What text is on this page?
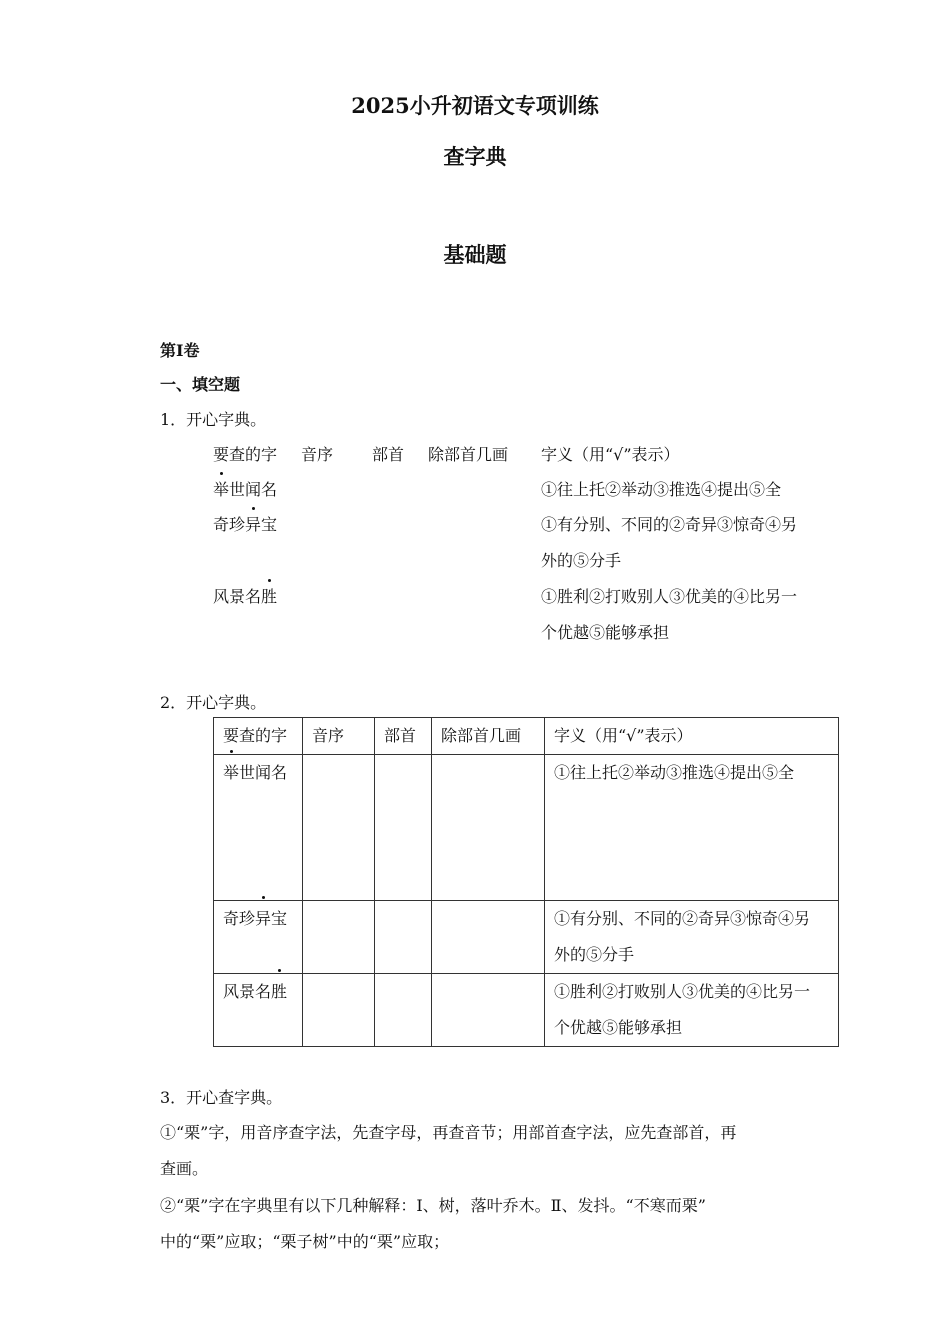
2025小升初语文专项训练
查字典
基础题
第I卷
一、填空题
1．开心字典。
要查的字 音序 部首 除部首几画 字义（用“√”表示）
举世闻名	①往上托②举动③推选④提出⑤全
奇珍异宝	①有分别、不同的②奇异③惊奇④另
外的⑤分手
风景名胜	①胜利②打败别人③优美的④比另一
个优越⑤能够承担
2．开心字典。
要查的字	音序	部首	除部首几画	字义（用“√”表示）
举世闻名				①往上托②举动③推选④提出⑤全

奇珍异宝				①有分别、不同的②奇异③惊奇④另
外的⑤分手

风景名胜				①胜利②打败别人③优美的④比另一
个优越⑤能够承担
3．开心查字典。
①“栗”字，用音序查字法，先查字母，再查音节；用部首查字法，应先查部首，再
查画。
②“栗”字在字典里有以下几种解释：Ⅰ、树，落叶乔木。Ⅱ、发抖。“不寒而栗”
中的“栗”应取；“栗子树”中的“栗”应取；
